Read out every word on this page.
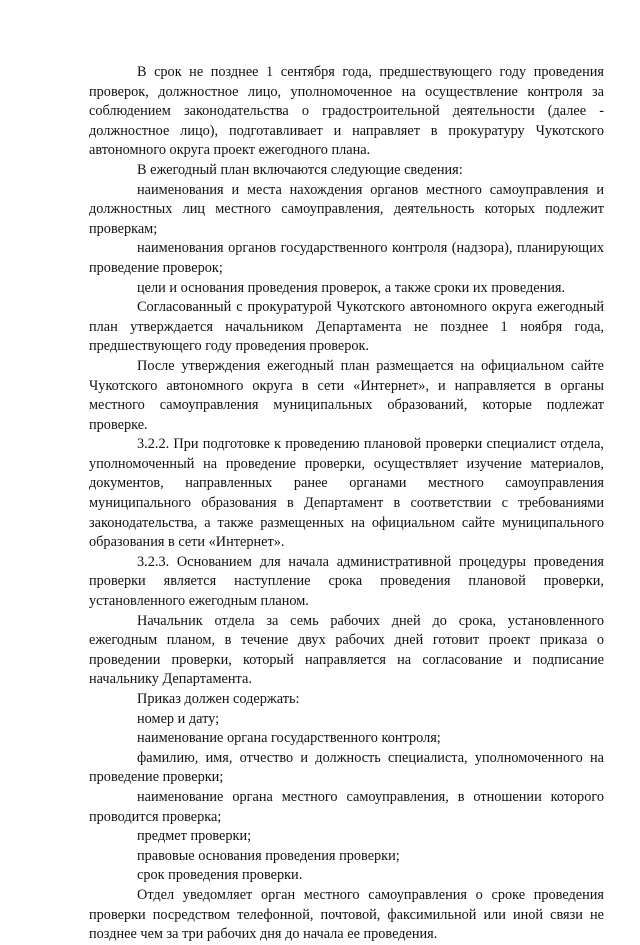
В срок не позднее 1 сентября года, предшествующего году проведения проверок, должностное лицо, уполномоченное на осуществление контроля за соблюдением законодательства о градостроительной деятельности (далее - должностное лицо), подготавливает и направляет в прокуратуру Чукотского автономного округа проект ежегодного плана.

В ежегодный план включаются следующие сведения:

наименования и места нахождения органов местного самоуправления и должностных лиц местного самоуправления, деятельность которых подлежит проверкам;

наименования органов государственного контроля (надзора), планирующих проведение проверок;

цели и основания проведения проверок, а также сроки их проведения.

Согласованный с прокуратурой Чукотского автономного округа ежегодный план утверждается начальником Департамента не позднее 1 ноября года, предшествующего году проведения проверок.

После утверждения ежегодный план размещается на официальном сайте Чукотского автономного округа в сети «Интернет», и направляется в органы местного самоуправления муниципальных образований, которые подлежат проверке.

3.2.2. При подготовке к проведению плановой проверки специалист отдела, уполномоченный на проведение проверки, осуществляет изучение материалов, документов, направленных ранее органами местного самоуправления муниципального образования в Департамент в соответствии с требованиями законодательства, а также размещенных на официальном сайте муниципального образования в сети «Интернет».

3.2.3. Основанием для начала административной процедуры проведения проверки является наступление срока проведения плановой проверки, установленного ежегодным планом.

Начальник отдела за семь рабочих дней до срока, установленного ежегодным планом, в течение двух рабочих дней готовит проект приказа о проведении проверки, который направляется на согласование и подписание начальнику Департамента.

Приказ должен содержать:

номер и дату;

наименование органа государственного контроля;

фамилию, имя, отчество и должность специалиста, уполномоченного на проведение проверки;

наименование органа местного самоуправления, в отношении которого проводится проверка;

предмет проверки;

правовые основания проведения проверки;

срок проведения проверки.

Отдел уведомляет орган местного самоуправления о сроке проведения проверки посредством телефонной, почтовой, факсимильной или иной связи не позднее чем за три рабочих дня до начала ее проведения.
